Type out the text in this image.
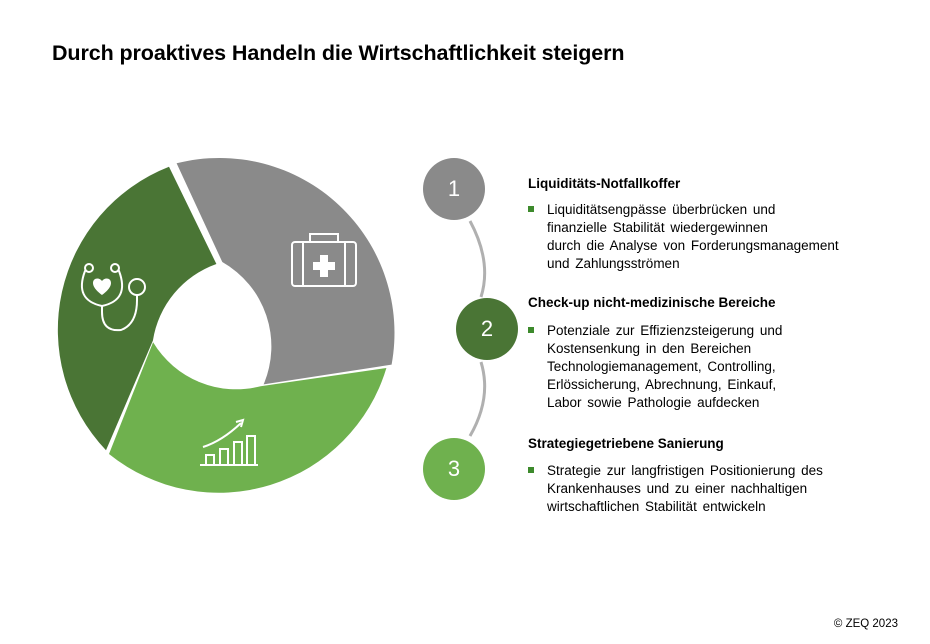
Durch proaktives Handeln die Wirtschaftlichkeit steigern
1
2
3
Liquiditäts-Notfallkoffer
Liquiditätsengpässe überbrücken und
finanzielle Stabilität wiedergewinnen
durch die Analyse von Forderungsmanagement
und Zahlungsströmen
Check-up nicht-medizinische Bereiche
Potenziale zur Effizienzsteigerung und
Kostensenkung in den Bereichen
Technologiemanagement, Controlling,
Erlössicherung, Abrechnung, Einkauf,
Labor sowie Pathologie aufdecken
Strategiegetriebene Sanierung
Strategie zur langfristigen Positionierung des
Krankenhauses und zu einer nachhaltigen
wirtschaftlichen Stabilität entwickeln
© ZEQ 2023
